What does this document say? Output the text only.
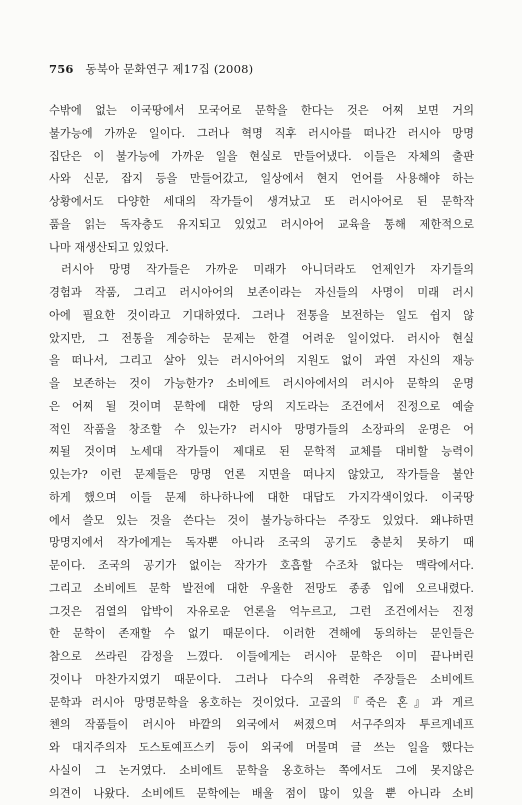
756 동북아 문화연구 제17집 (2008)
수밖에 없는 이국땅에서 모국어로 문학을 한다는 것은 어찌 보면 거의
불가능에 가까운 일이다. 그러나 혁명 직후 러시아를 떠나간 러시아 망명
집단은 이 불가능에 가까운 일을 현실로 만들어냈다. 이들은 자체의 출판
사와 신문, 잡지 등을 만들어갔고, 일상에서 현지 언어를 사용해야 하는
상황에서도 다양한 세대의 작가들이 생겨났고 또 러시아어로 된 문학작
품을 읽는 독자층도 유지되고 있었고 러시아어 교육을 통해 제한적으로
나마 재생산되고 있었다.
러시아 망명 작가들은 가까운 미래가 아니더라도 언제인가 자기들의
경험과 작품, 그리고 러시아어의 보존이라는 자신들의 사명이 미래 러시
아에 필요한 것이라고 기대하였다. 그러나 전통을 보전하는 일도 쉽지 않
았지만, 그 전통을 계승하는 문제는 한결 어려운 일이었다. 러시아 현실
을 떠나서, 그리고 살아 있는 러시아어의 지원도 없이 과연 자신의 재능
을 보존하는 것이 가능한가? 소비에트 러시아에서의 러시아 문학의 운명
은 어찌 될 것이며 문학에 대한 당의 지도라는 조건에서 진정으로 예술
적인 작품을 창조할 수 있는가? 러시아 망명가들의 소장파의 운명은 어
찌될 것이며 노세대 작가들이 제대로 된 문학적 교체를 대비할 능력이
있는가? 이런 문제들은 망명 언론 지면을 떠나지 않았고, 작가들을 불안
하게 했으며 이들 문제 하나하나에 대한 대답도 가지각색이었다. 이국땅
에서 쓸모 있는 것을 쓴다는 것이 불가능하다는 주장도 있었다. 왜냐하면
망명지에서 작가에게는 독자뿐 아니라 조국의 공기도 충분치 못하기 때
문이다. 조국의 공기가 없이는 작가가 호흡할 수조차 없다는 맥락에서다.
그리고 소비에트 문학 발전에 대한 우울한 전망도 종종 입에 오르내렸다.
그것은 검열의 압박이 자유로운 언론을 억누르고, 그런 조건에서는 진정
한 문학이 존재할 수 없기 때문이다. 이러한 견해에 동의하는 문인들은
참으로 쓰라린 감정을 느꼈다. 이들에게는 러시아 문학은 이미 끝나버린
것이나 마찬가지였기 때문이다. 그러나 다수의 유력한 주장들은 소비에트
문학과 러시아 망명문학을 옹호하는 것이었다. 고골의『죽은 혼』과 게르
첸의 작품들이 러시아 바깥의 외국에서 써졌으며 서구주의자 투르게네프
와 대지주의자 도스토예프스키 등이 외국에 머물며 글 쓰는 일을 했다는
사실이 그 논거였다. 소비에트 문학을 옹호하는 쪽에서도 그에 못지않은
의견이 나왔다. 소비에트 문학에는 배울 점이 많이 있을 뿐 아니라 소비
